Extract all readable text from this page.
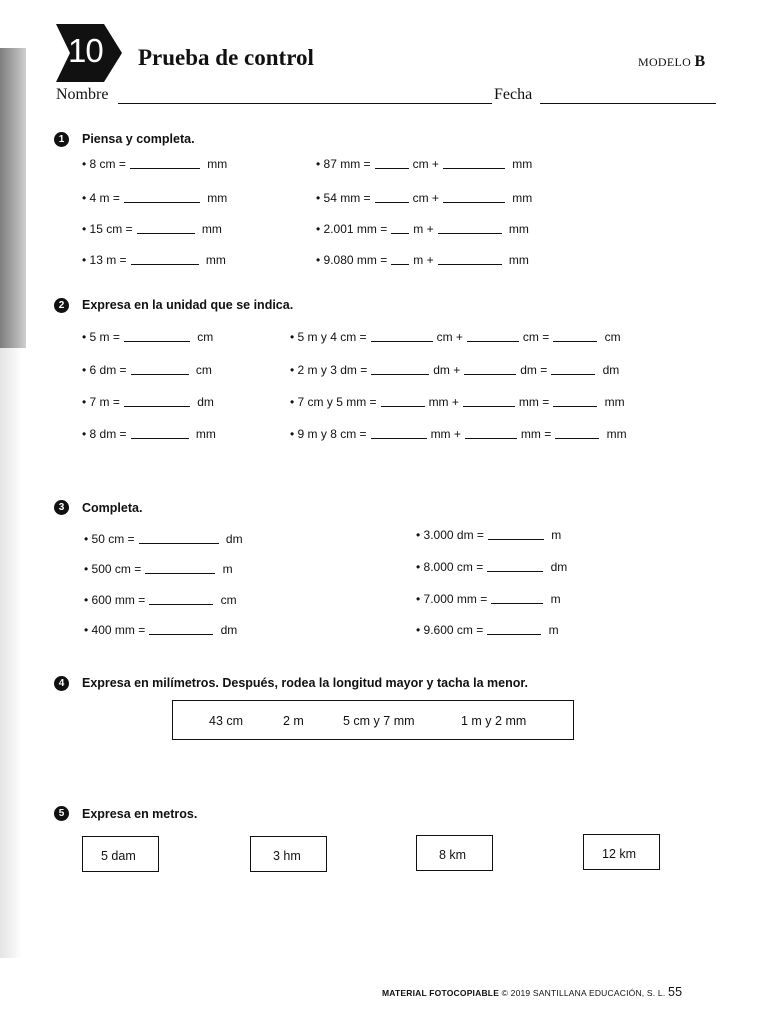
10	Prueba de control	MODELO B
Nombre	Fecha
1	Piensa y completa.
• 8 cm =	mm
• 4 m =	mm
• 15 cm =	mm
• 13 m =	mm
• 87 mm =	cm +	mm
• 54 mm =	cm +	mm
• 2.001 mm = m +	mm
• 9.080 mm = m +	mm
2	Expresa en la unidad que se indica.
• 5 m =	cm
• 6 dm =	cm
• 7 m =	dm
• 8 dm =	mm
• 5 m y 4 cm =	cm +	cm =	cm
• 2 m y 3 dm =	dm +	dm =	dm
• 7 cm y 5 mm =	mm +	mm =	mm
• 9 m y 8 cm =	mm +	mm =	mm
3	Completa.
• 50 cm =	dm
• 500 cm =	m
• 600 mm =	cm
• 400 mm =	dm
• 3.000 dm =	m
• 8.000 cm =	dm
• 7.000 mm =	m
• 9.600 cm =	m
4	Expresa en milímetros. Después, rodea la longitud mayor y tacha la menor.
43 cm	2 m	5 cm y 7 mm	1 m y 2 mm
5	Expresa en metros.
5 dam	3 hm	8 km	12 km
MATERIAL FOTOCOPIABLE © 2019 SANTILLANA EDUCACIÓN, S. L. 55
